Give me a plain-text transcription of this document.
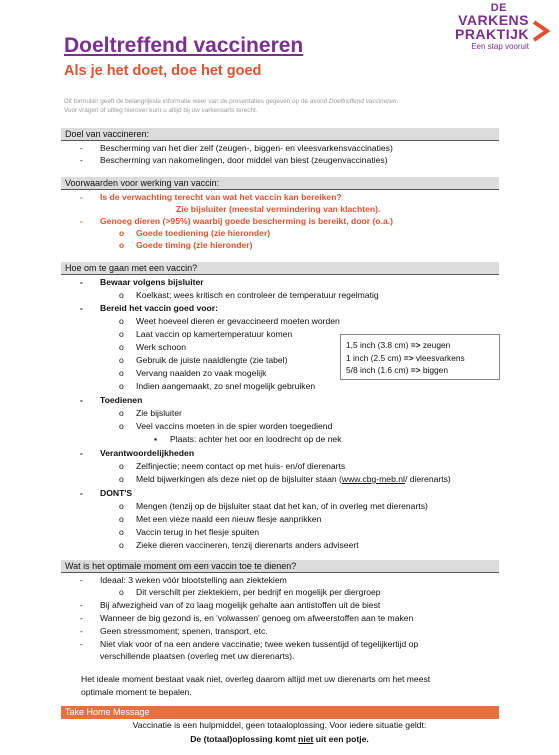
DE
VARKENS
PRAKTIJK
Een stap vooruit
Doeltreffend vaccineren
Als je het doet, doe het goed
Dit formulier geeft de belangrijkste informatie weer van de presentaties gegeven op de avond Doeltreffend vaccineren.
Voor vragen of uitleg hierover kunt u altijd bij uw varkensarts terecht.
Doel van vaccineren:
- Bescherming van het dier zelf (zeugen-, biggen- en vleesvarkensvaccinaties)
- Bescherming van nakomelingen, door middel van biest (zeugenvaccinaties)
Voorwaarden voor werking van vaccin:
- Is de verwachting terecht van wat het vaccin kan bereiken?
Zie bijsluiter (meestal vermindering van klachten).
- Genoeg dieren (>95%) waarbij goede bescherming is bereikt, door (o.a.)
o Goede toediening (zie hieronder)
o Goede timing (zie hieronder)
Hoe om te gaan met een vaccin?
- Bewaar volgens bijsluiter
o Koelkast; wees kritisch en controleer de temperatuur regelmatig
- Bereid het vaccin goed voor:
o Weet hoeveel dieren er gevaccineerd moeten worden
o Laat vaccin op kamertemperatuur komen
o Werk schoon
o Gebruik de juiste naaldlengte (zie tabel)
o Vervang naalden zo vaak mogelijk
o Indien aangemaakt, zo snel mogelijk gebruiken
1,5 inch (3.8 cm) => zeugen
1 inch (2.5 cm) => vleesvarkens
5/8 inch (1.6 cm) => biggen
- Toedienen
o Zie bijsluiter
o Veel vaccins moeten in de spier worden toegediend
▪ Plaats: achter het oor en loodrecht op de nek
- Verantwoordelijkheden
o Zelfinjectie; neem contact op met huis- en/of dierenarts
o Meld bijwerkingen als deze niet op de bijsluiter staan (www.cbg-meb.nl/ dierenarts)
- DONT'S
o Mengen (tenzij op de bijsluiter staat dat het kan, of in overleg met dierenarts)
o Met een vieze naald een nieuw flesje aanprikken
o Vaccin terug in het flesje spuiten
o Zieke dieren vaccineren, tenzij dierenarts anders adviseert
Wat is het optimale moment om een vaccin toe te dienen?
- Ideaal: 3 weken vóór blootstelling aan ziektekiem
o Dit verschilt per ziektekiem, per bedrijf en mogelijk per diergroep
- Bij afwezigheid van of zo laag mogelijk gehalte aan antistoffen uit de biest
- Wanneer de big gezond is, en 'volwassen' genoeg om afweerstoffen aan te maken
- Geen stressmoment; spenen, transport, etc.
- Niet vlak voor of na een andere vaccinatie; twee weken tussentijd of tegelijkertijd op
verschillende plaatsen (overleg met uw dierenarts).
Het ideale moment bestaat vaak niet, overleg daarom altijd met uw dierenarts om het meest
optimale moment te bepalen.
Take Home Message
Vaccinatie is een hulpmiddel, geen totaaloplossing. Voor iedere situatie geldt:
De (totaal)oplossing komt niet uit een potje.
